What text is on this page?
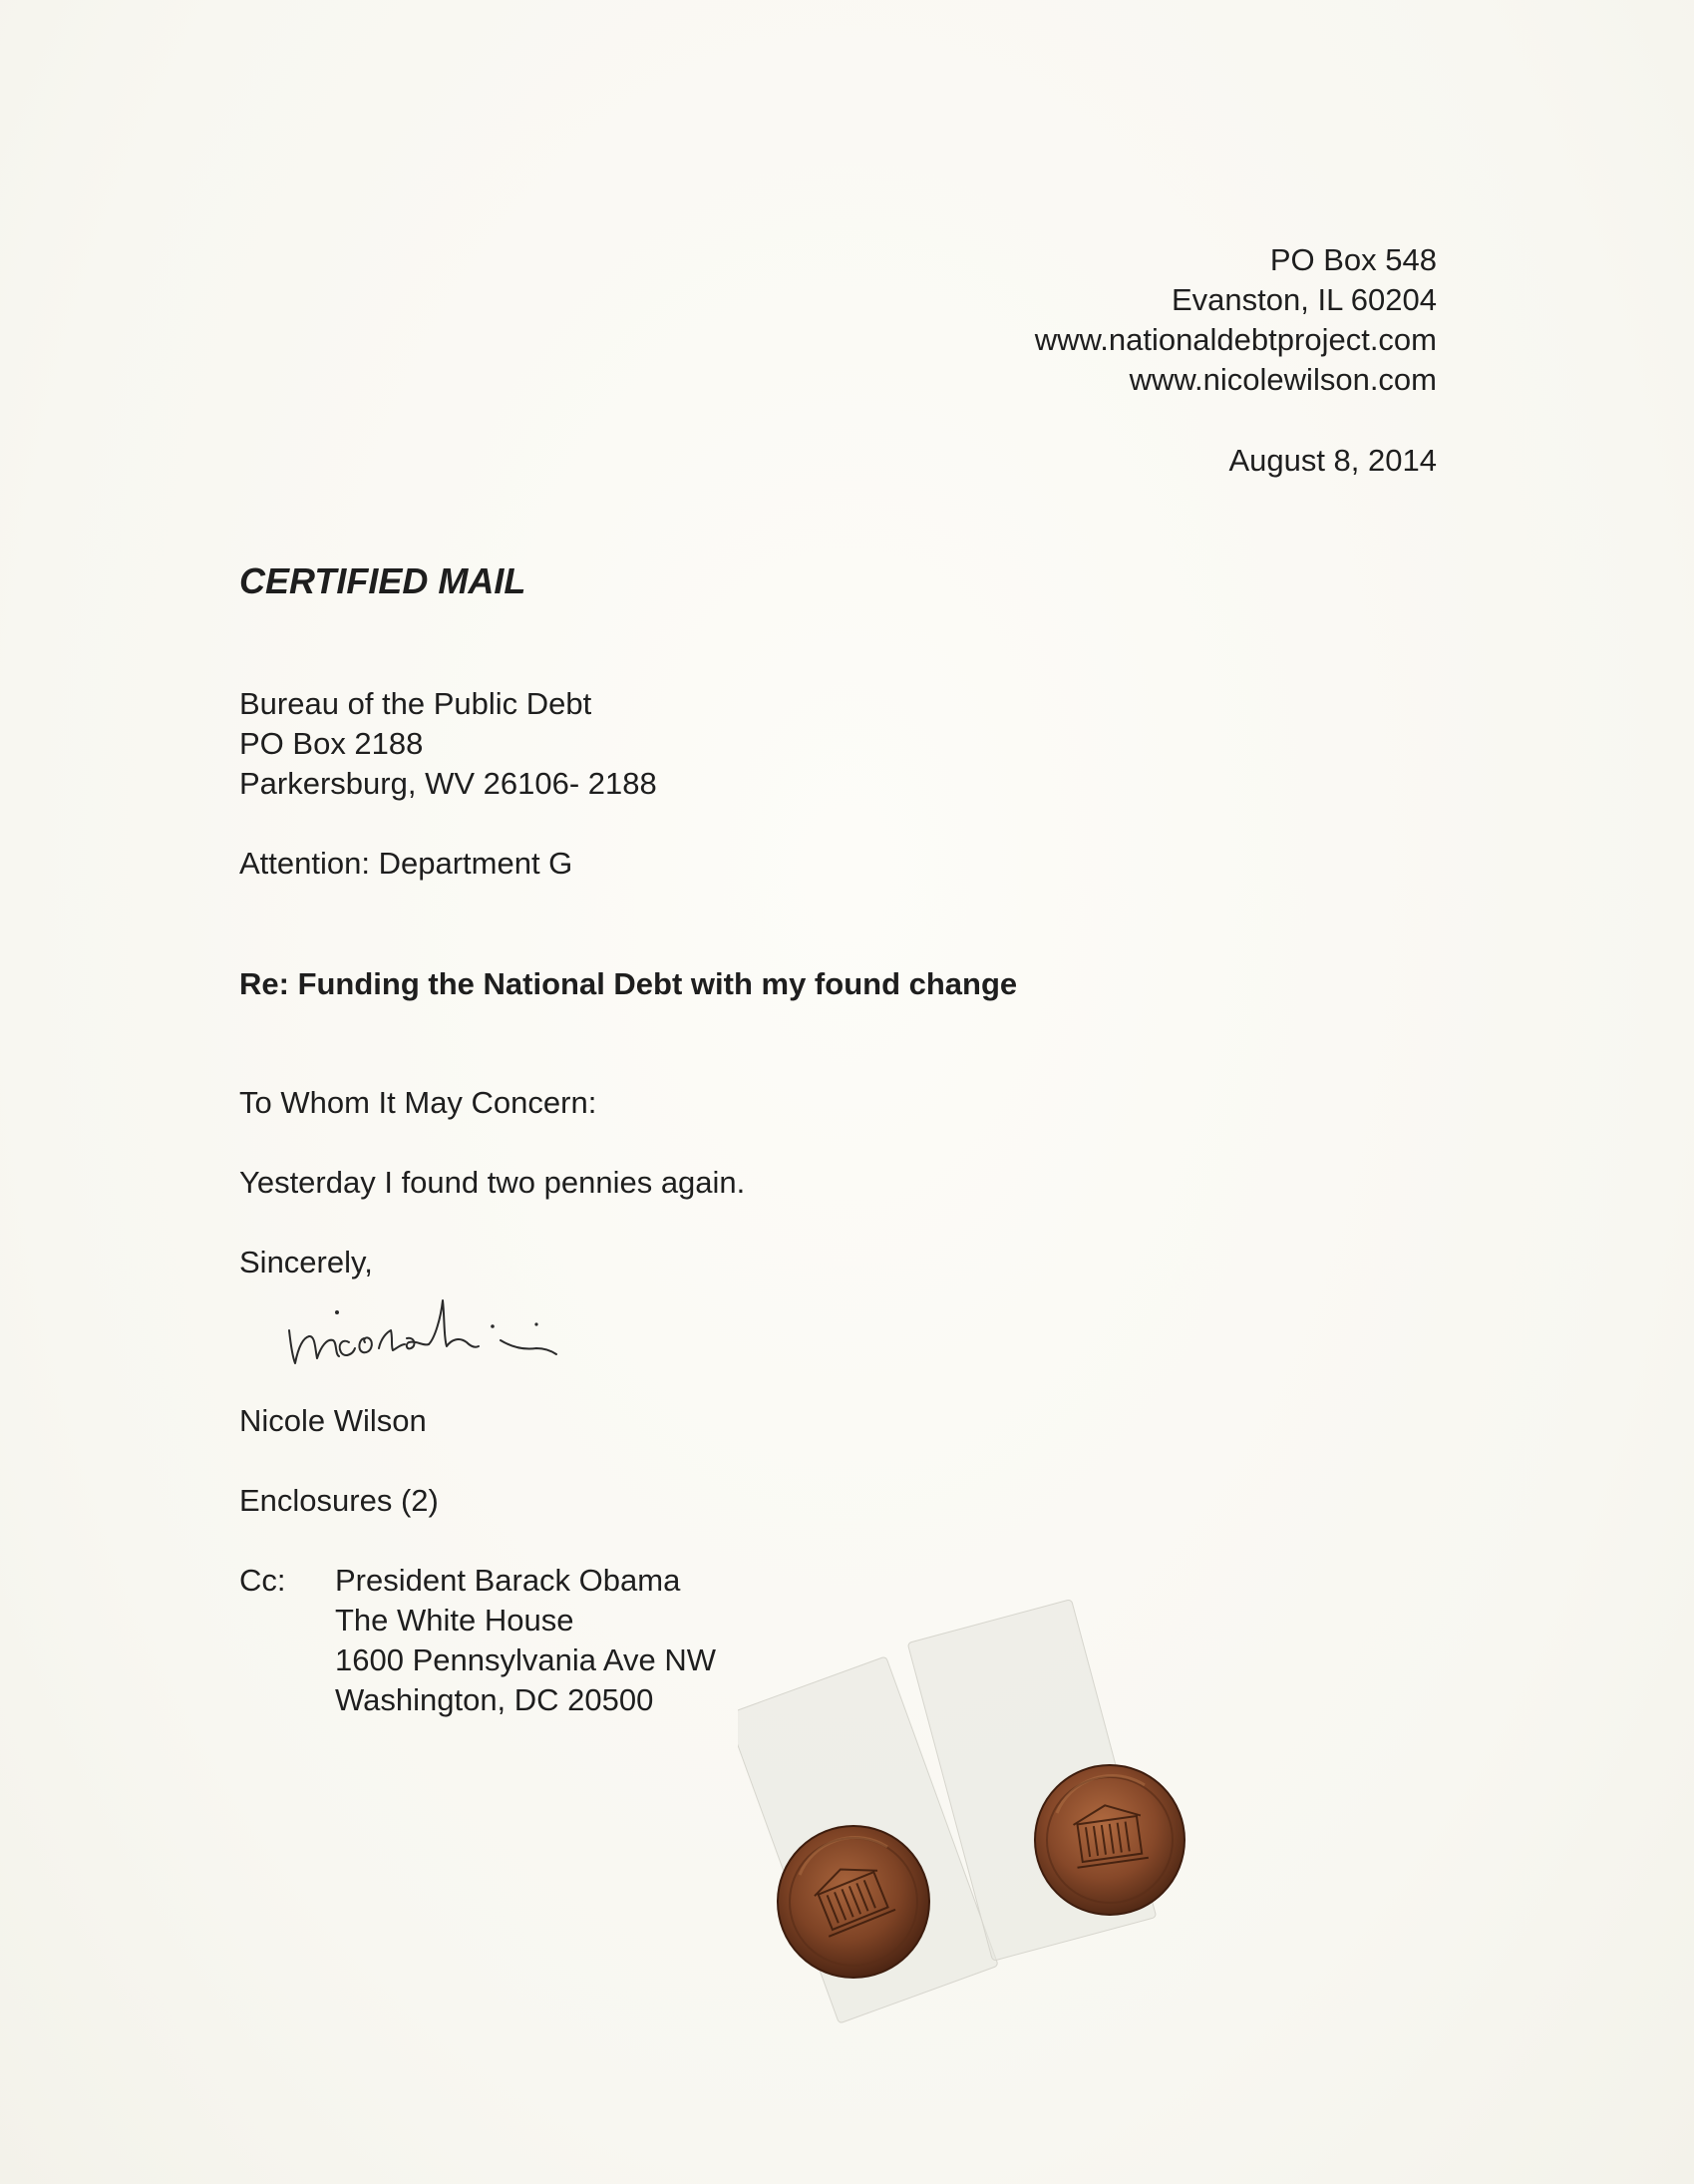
PO Box 548
Evanston, IL 60204
www.nationaldebtproject.com
www.nicolewilson.com
August 8, 2014
CERTIFIED MAIL
Bureau of the Public Debt
PO Box 2188
Parkersburg, WV 26106- 2188
Attention: Department G
Re: Funding the National Debt with my found change
To Whom It May Concern:
Yesterday I found two pennies again.
Sincerely,
Nicole Wilson
Enclosures (2)
Cc: President Barack Obama
The White House
1600 Pennsylvania Ave NW
Washington, DC 20500
